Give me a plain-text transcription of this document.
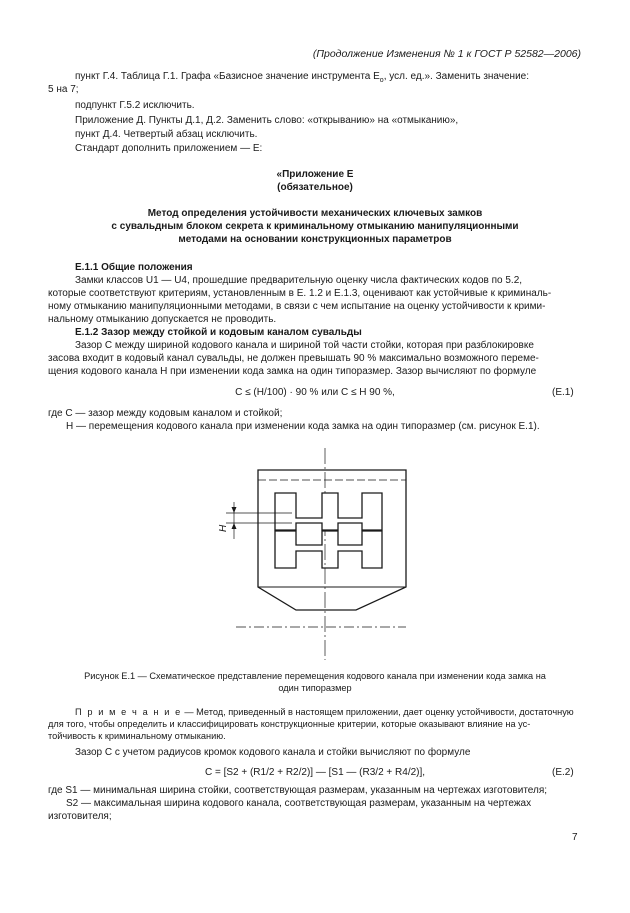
(Продолжение Изменения № 1 к ГОСТ Р 52582—2006)
пункт Г.4. Таблица Г.1. Графа «Базисное значение инструмента $E_o$, усл. ед.». Заменить значение:
5 на 7;
подпункт Г.5.2 исключить.
Приложение Д. Пункты Д.1, Д.2. Заменить слово: «открыванию» на «отмыканию»,
пункт Д.4. Четвертый абзац исключить.
Стандарт дополнить приложением — Е:
«Приложение Е
(обязательное)
Метод определения устойчивости механических ключевых замков
с сувальдным блоком секрета к криминальному отмыканию манипуляционными
методами на основании конструкционных параметров
Е.1.1 Общие положения
Замки классов U1 — U4, прошедшие предварительную оценку числа фактических кодов по 5.2,
которые соответствуют критериям, установленным в Е. 1.2 и Е.1.3, оценивают как устойчивые к криминаль-
ному отмыканию манипуляционными методами, в связи с чем испытание на оценку устойчивости к крими-
нальному отмыканию допускается не проводить.
Е.1.2 Зазор между стойкой и кодовым каналом сувальды
Зазор C между шириной кодового канала и шириной той части стойки, которая при разблокировке
засова входит в кодовый канал сувальды, не должен превышать 90 % максимально возможного переме-
щения кодового канала H при изменении кода замка на один типоразмер. Зазор вычисляют по формуле
C ≤ (H/100) · 90 % или C ≤ H 90 %,	(Е.1)
где C — зазор между кодовым каналом и стойкой;
H — перемещения кодового канала при изменении кода замка на один типоразмер (см. рисунок Е.1).
H
Рисунок Е.1 — Схематическое представление перемещения кодового канала при изменении кода замка на
один типоразмер
П р и м е ч а н и е — Метод, приведенный в настоящем приложении, дает оценку устойчивости, достаточную
для того, чтобы определить и классифицировать конструкционные критерии, которые оказывают влияние на ус-
тойчивость к криминальному отмыканию.
Зазор C с учетом радиусов кромок кодового канала и стойки вычисляют по формуле
C = [S2 + (R1/2 + R2/2)] — [S1 — (R3/2 + R4/2)],	(Е.2)
где S1 — минимальная ширина стойки, соответствующая размерам, указанным на чертежах изготовителя;
S2 — максимальная ширина кодового канала, соответствующая размерам, указанным на чертежах
изготовителя;
7
